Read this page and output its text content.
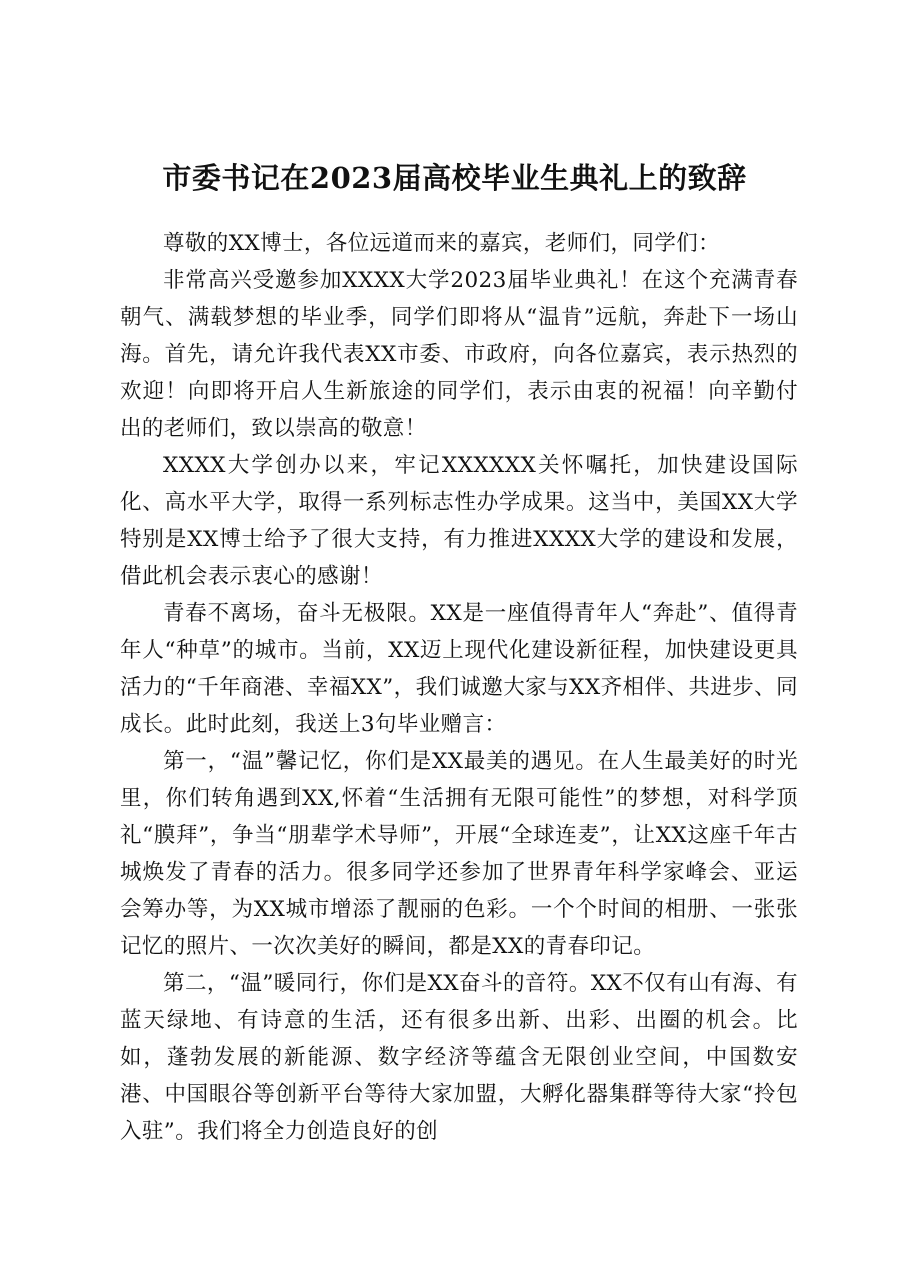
市委书记在2023届高校毕业生典礼上的致辞

尊敬的XX博士，各位远道而来的嘉宾，老师们，同学们：

非常高兴受邀参加XXXX大学2023届毕业典礼！在这个充满青春朝气、满载梦想的毕业季，同学们即将从“温肯”远航，奔赴下一场山海。首先，请允许我代表XX市委、市政府，向各位嘉宾，表示热烈的欢迎！向即将开启人生新旅途的同学们，表示由衷的祝福！向辛勤付出的老师们，致以崇高的敬意！

XXXX大学创办以来，牢记XXXXXX关怀嘱托，加快建设国际化、高水平大学，取得一系列标志性办学成果。这当中，美国XX大学特别是XX博士给予了很大支持，有力推进XXXX大学的建设和发展，借此机会表示衷心的感谢！

青春不离场，奋斗无极限。XX是一座值得青年人“奔赴”、值得青年人“种草”的城市。当前，XX迈上现代化建设新征程，加快建设更具活力的“千年商港、幸福XX”，我们诚邀大家与XX齐相伴、共进步、同成长。此时此刻，我送上3句毕业赠言：

第一，“温”馨记忆，你们是XX最美的遇见。在人生最美好的时光里，你们转角遇到XX,怀着“生活拥有无限可能性”的梦想，对科学顶礼“膜拜”，争当“朋辈学术导师”，开展“全球连麦”，让XX这座千年古城焕发了青春的活力。很多同学还参加了世界青年科学家峰会、亚运会筹办等，为XX城市增添了靓丽的色彩。一个个时间的相册、一张张记忆的照片、一次次美好的瞬间，都是XX的青春印记。

第二，“温”暖同行，你们是XX奋斗的音符。XX不仅有山有海、有蓝天绿地、有诗意的生活，还有很多出新、出彩、出圈的机会。比如，蓬勃发展的新能源、数字经济等蕴含无限创业空间，中国数安港、中国眼谷等创新平台等待大家加盟，大孵化器集群等待大家“拎包入驻”。我们将全力创造良好的创
